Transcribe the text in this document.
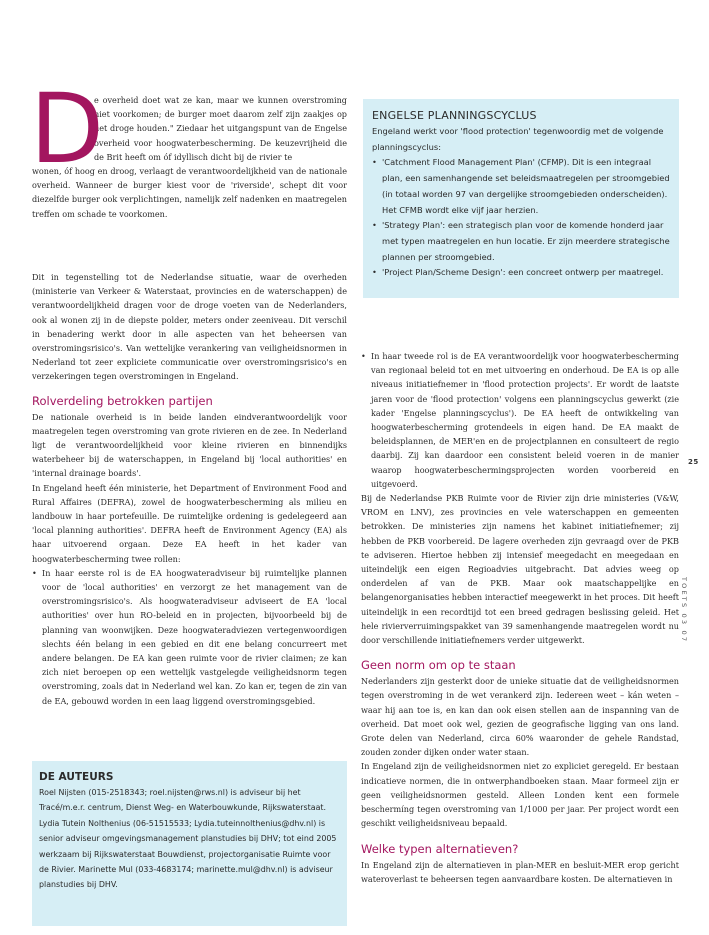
D

e overheid doet wat ze kan, maar we kunnen overstroming niet voorkomen; de burger moet daarom zelf zijn zaakjes op het droge houden." Ziedaar het uitgangspunt van de Engelse overheid voor hoogwaterbescherming. De keuzevrijheid die de Brit heeft om óf idyllisch dicht bij de rivier te

wonen, óf hoog en droog, verlaagt de verantwoordelijkheid van de nationale overheid. Wanneer de burger kiest voor de 'riverside', schept dit voor diezelfde burger ook verplichtingen, namelijk zelf nadenken en maatregelen treffen om schade te voorkomen.

Dit in tegenstelling tot de Nederlandse situatie, waar de overheden (ministerie van Verkeer & Waterstaat, provincies en de waterschappen) de verantwoordelijkheid dragen voor de droge voeten van de Nederlanders, ook al wonen zij in de diepste polder, meters onder zeeniveau. Dit verschil in benadering werkt door in alle aspecten van het beheersen van overstromingsrisico's. Van wettelijke verankering van veiligheidsnormen in Nederland tot zeer expliciete communicatie over overstromingsrisico's en verzekeringen tegen overstromingen in Engeland.

Rolverdeling betrokken partijen

De nationale overheid is in beide landen eindverantwoordelijk voor maatregelen tegen overstroming van grote rivieren en de zee. In Nederland ligt de verantwoordelijkheid voor kleine rivieren en binnendijks waterbeheer bij de waterschappen, in Engeland bij 'local authorities' en 'internal drainage boards'.

In Engeland heeft één ministerie, het Department of Environment Food and Rural Affaires (DEFRA), zowel de hoogwaterbescherming als milieu en landbouw in haar portefeuille. De ruimtelijke ordening is gedelegeerd aan 'local planning authorities'. DEFRA heeft de Environment Agency (EA) als haar uitvoerend orgaan. Deze EA heeft in het kader van hoogwaterbescherming twee rollen:

• In haar eerste rol is de EA hoogwateradviseur bij ruimtelijke plannen voor de 'local authorities' en verzorgt ze het management van de overstromingsrisico's. Als hoogwateradviseur adviseert de EA 'local authorities' over hun RO-beleid en in projecten, bijvoorbeeld bij de planning van woonwijken. Deze hoogwateradviezen vertegenwoordigen slechts één belang in een gebied en dit ene belang concurreert met andere belangen. De EA kan geen ruimte voor de rivier claimen; ze kan zich niet beroepen op een wettelijk vastgelegde veiligheidsnorm tegen overstroming, zoals dat in Nederland wel kan. Zo kan er, tegen de zin van de EA, gebouwd worden in een laag liggend overstromingsgebied.
DE AUTEURS
Roel Nijsten (015-2518343; roel.nijsten@rws.nl) is adviseur bij het Tracé/m.e.r. centrum, Dienst Weg- en Waterbouwkunde, Rijkswaterstaat. Lydia Tutein Nolthenius (06-51515533; Lydia.tuteinnolthenius@dhv.nl) is senior adviseur omgevingsmanagement planstudies bij DHV; tot eind 2005 werkzaam bij Rijkswaterstaat Bouwdienst, projectorganisatie Ruimte voor de Rivier. Marinette Mul (033-4683174; marinette.mul@dhv.nl) is adviseur planstudies bij DHV.
ENGELSE PLANNINGSCYCLUS
Engeland werkt voor 'flood protection' tegenwoordig met de volgende planningscyclus:
• 'Catchment Flood Management Plan' (CFMP). Dit is een integraal plan, een samenhangende set beleidsmaatregelen per stroomgebied (in totaal worden 97 van dergelijke stroomgebieden onderscheiden). Het CFMB wordt elke vijf jaar herzien.
• 'Strategy Plan': een strategisch plan voor de komende honderd jaar met typen maatregelen en hun locatie. Er zijn meerdere strategische plannen per stroomgebied.
• 'Project Plan/Scheme Design': een concreet ontwerp per maatregel.
• In haar tweede rol is de EA verantwoordelijk voor hoogwaterbescherming van regionaal beleid tot en met uitvoering en onderhoud. De EA is op alle niveaus initiatiefnemer in 'flood protection projects'. Er wordt de laatste jaren voor de 'flood protection' volgens een planningscyclus gewerkt (zie kader 'Engelse planningscyclus'). De EA heeft de ontwikkeling van hoogwaterbescherming grotendeels in eigen hand. De EA maakt de beleidsplannen, de MER'en en de projectplannen en consulteert de regio daarbij. Zij kan daardoor een consistent beleid voeren in de manier waarop hoogwaterbeschermingsprojecten worden voorbereid en uitgevoerd.

Bij de Nederlandse PKB Ruimte voor de Rivier zijn drie ministeries (V&W, VROM en LNV), zes provincies en vele waterschappen en gemeenten betrokken. De ministeries zijn namens het kabinet initiatiefnemer; zij hebben de PKB voorbereid. De lagere overheden zijn gevraagd over de PKB te adviseren. Hiertoe hebben zij intensief meegedacht en meegedaan en uiteindelijk een eigen Regioadvies uitgebracht. Dat advies weeg op onderdelen af van de PKB. Maar ook maatschappelijke en belangenorganisaties hebben interactief meegewerkt in het proces. Dit heeft uiteindelijk in een recordtijd tot een breed gedragen beslissing geleid. Het hele rivierverruimingspakket van 39 samenhangende maatregelen wordt nu door verschillende initiatiefnemers verder uitgewerkt.

Geen norm om op te staan

Nederlanders zijn gesterkt door de unieke situatie dat de veiligheidsnormen tegen overstroming in de wet verankerd zijn. Iedereen weet – kán weten – waar hij aan toe is, en kan dan ook eisen stellen aan de inspanning van de overheid. Dat moet ook wel, gezien de geografische ligging van ons land. Grote delen van Nederland, circa 60% waaronder de gehele Randstad, zouden zonder dijken onder water staan.

In Engeland zijn de veiligheidsnormen niet zo expliciet geregeld. Er bestaan indicatieve normen, die in ontwerphandboeken staan. Maar formeel zijn er geen veiligheidsnormen gesteld. Alleen Londen kent een formele beschermíng tegen overstroming van 1/1000 per jaar. Per project wordt een geschikt veiligheidsniveau bepaald.

Welke typen alternatieven?

In Engeland zijn de alternatieven in plan-MER en besluit-MER erop gericht wateroverlast te beheersen tegen aanvaardbare kosten. De alternatieven in

25
TOETS 03 07
